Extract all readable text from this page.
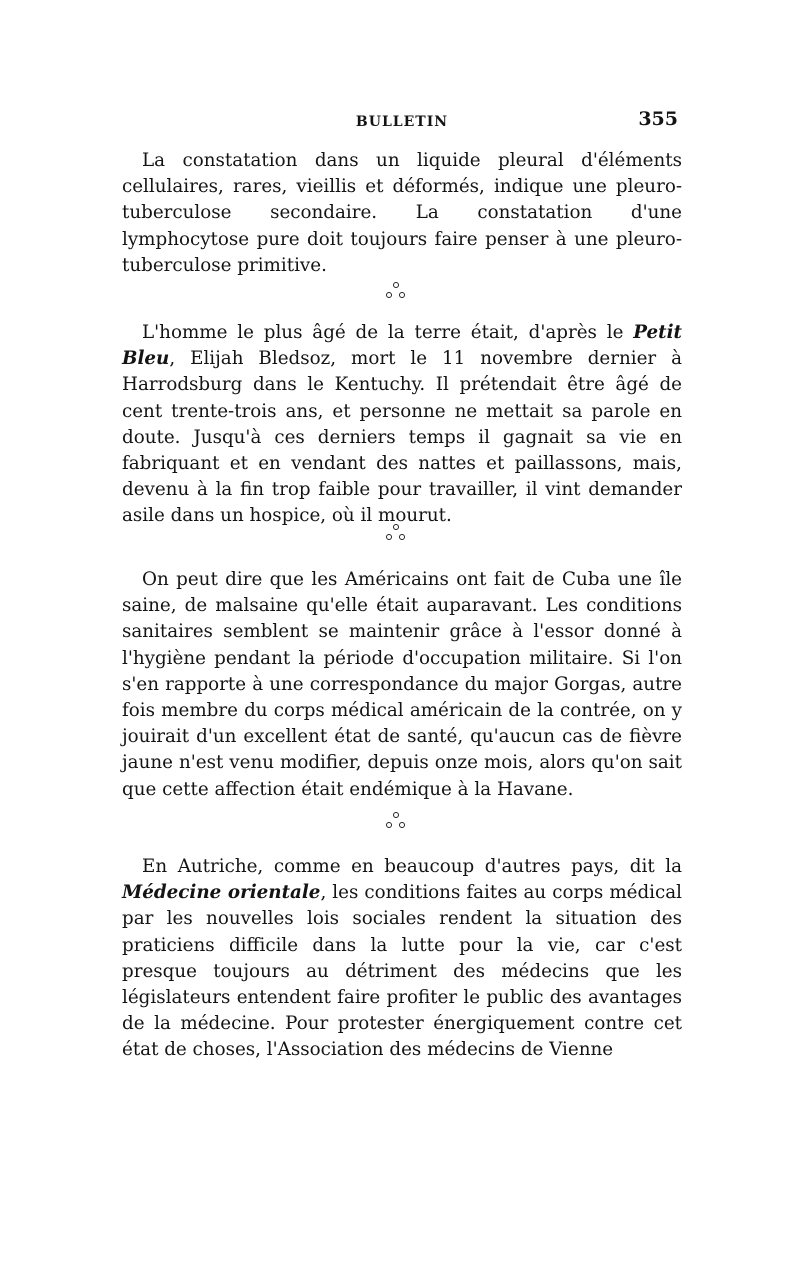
BULLETIN	355

La constatation dans un liquide pleural d'éléments cellulaires, rares, vieillis et déformés, indique une pleuro-tuberculose secondaire. La constatation d'une lymphocytose pure doit toujours faire penser à une pleuro-tuberculose primitive.

L'homme le plus âgé de la terre était, d'après le Petit Bleu, Elijah Bledsoz, mort le 11 novembre dernier à Harrodsburg dans le Kentuchy. Il prétendait être âgé de cent trente-trois ans, et personne ne mettait sa parole en doute. Jusqu'à ces derniers temps il gagnait sa vie en fabriquant et en vendant des nattes et paillassons, mais, devenu à la fin trop faible pour travailler, il vint demander asile dans un hospice, où il mourut.

On peut dire que les Américains ont fait de Cuba une île saine, de malsaine qu'elle était auparavant. Les conditions sanitaires semblent se maintenir grâce à l'essor donné à l'hygiène pendant la période d'occupation militaire. Si l'on s'en rapporte à une correspondance du major Gorgas, autre fois membre du corps médical américain de la contrée, on y jouirait d'un excellent état de santé, qu'aucun cas de fièvre jaune n'est venu modifier, depuis onze mois, alors qu'on sait que cette affection était endémique à la Havane.

En Autriche, comme en beaucoup d'autres pays, dit la Médecine orientale, les conditions faites au corps médical par les nouvelles lois sociales rendent la situation des praticiens difficile dans la lutte pour la vie, car c'est presque toujours au détriment des médecins que les législateurs entendent faire profiter le public des avantages de la médecine. Pour protester énergiquement contre cet état de choses, l'Association des médecins de Vienne
